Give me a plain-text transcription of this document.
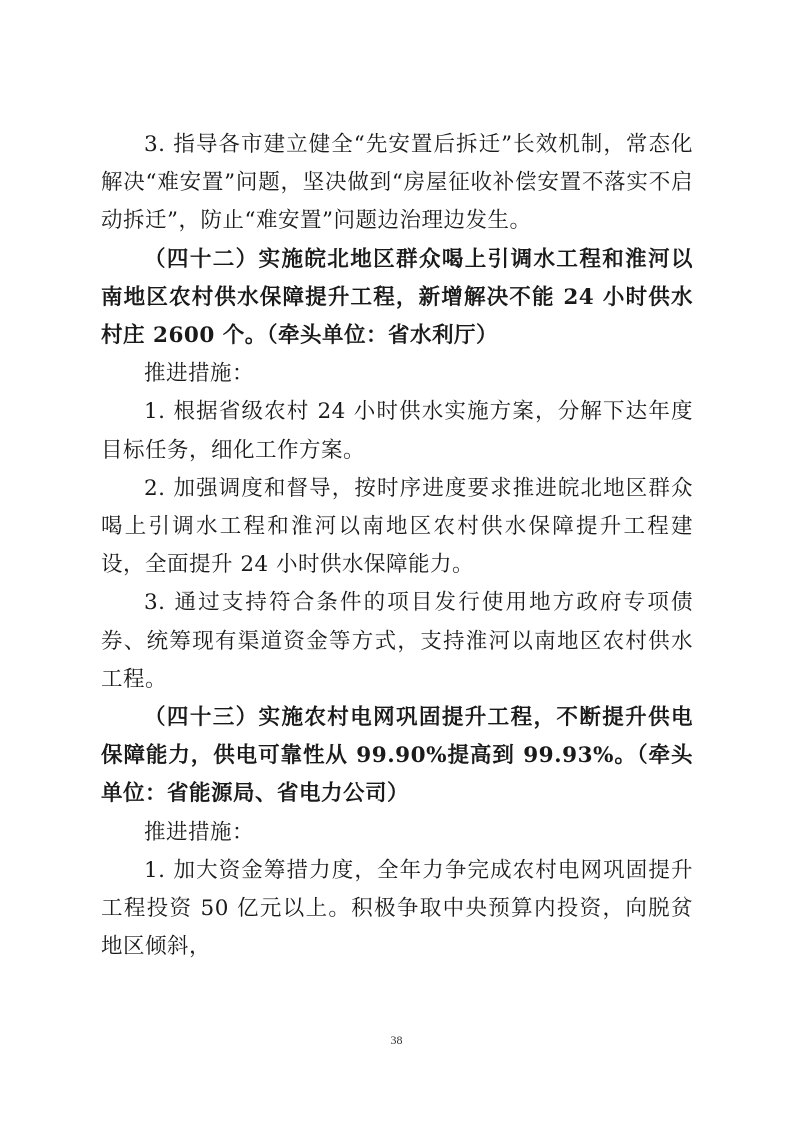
3. 指导各市建立健全“先安置后拆迁”长效机制，常态化解决“难安置”问题，坚决做到“房屋征收补偿安置不落实不启动拆迁”，防止“难安置”问题边治理边发生。

（四十二）实施皖北地区群众喝上引调水工程和淮河以南地区农村供水保障提升工程，新增解决不能 24 小时供水村庄 2600 个。（牵头单位：省水利厅）

推进措施：

1. 根据省级农村 24 小时供水实施方案，分解下达年度目标任务，细化工作方案。

2. 加强调度和督导，按时序进度要求推进皖北地区群众喝上引调水工程和淮河以南地区农村供水保障提升工程建设，全面提升 24 小时供水保障能力。

3. 通过支持符合条件的项目发行使用地方政府专项债券、统筹现有渠道资金等方式，支持淮河以南地区农村供水工程。

（四十三）实施农村电网巩固提升工程，不断提升供电保障能力，供电可靠性从 99.90%提高到 99.93%。（牵头单位：省能源局、省电力公司）

推进措施：

1. 加大资金筹措力度，全年力争完成农村电网巩固提升工程投资 50 亿元以上。积极争取中央预算内投资，向脱贫地区倾斜，

38
